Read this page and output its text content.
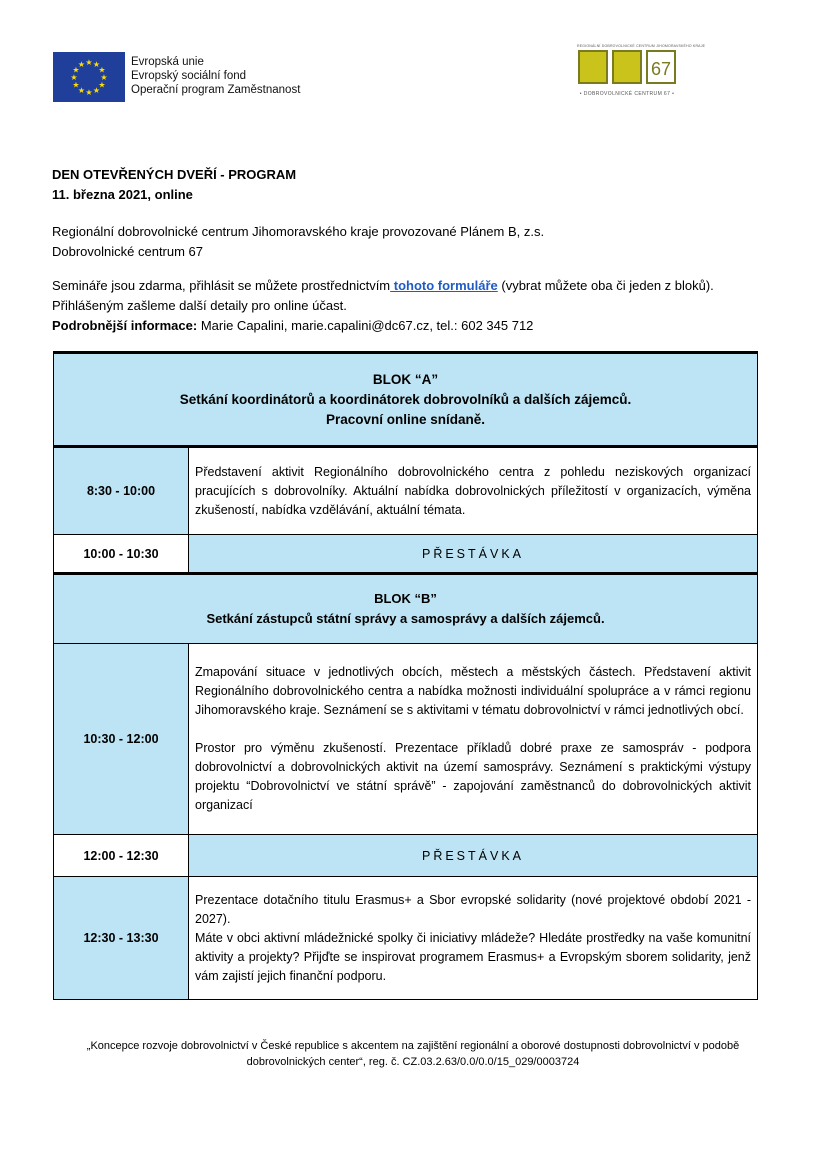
★
★
★
★
★
★
★
★
★ ★ ★
★
Evropská unie
Evropský sociální fond
Operační program Zaměstnanost
REGIONÁLNÍ DOBROVOLNICKÉ CENTRUM JIHOMORAVSKÉHO KRAJE
67
• DOBROVOLNICKÉ CENTRUM 67 •
DEN OTEVŘENÝCH DVEŘÍ - PROGRAM
11. března 2021, online
Regionální dobrovolnické centrum Jihomoravského kraje provozované Plánem B, z.s.
Dobrovolnické centrum 67
Semináře jsou zdarma, přihlásit se můžete prostřednictvím tohoto formuláře (vybrat můžete oba či jeden z bloků).
Přihlášeným zašleme další detaily pro online účast.
Podrobnější informace: Marie Capalini, marie.capalini@dc67.cz, tel.: 602 345 712
BLOK “A”
Setkání koordinátorů a koordinátorek dobrovolníků a dalších zájemců.
Pracovní online snídaně.	

8:30 - 10:00	Představení aktivit Regionálního dobrovolnického centra z pohledu neziskových organizací pracujících s dobrovolníky. Aktuální nabídka dobrovolnických příležitostí v organizacích, výměna zkušeností, nabídka vzdělávání, aktuální témata.

10:00 - 10:30	PŘESTÁVKA

BLOK “B”
Setkání zástupců státní správy a samosprávy a dalších zájemců.	

10:30 - 12:00	Zmapování situace v jednotlivých obcích, městech a městských částech. Představení aktivit Regionálního dobrovolnického centra a nabídka možnosti individuální spolupráce a v rámci regionu Jihomoravského kraje. Seznámení se s aktivitami v tématu dobrovolnictví v rámci jednotlivých obcí.

Prostor pro výměnu zkušeností. Prezentace příkladů dobré praxe ze samospráv - podpora dobrovolnictví a dobrovolnických aktivit na území samosprávy. Seznámení s praktickými výstupy projektu “Dobrovolnictví ve státní správě” - zapojování zaměstnanců do dobrovolnických aktivit organizací

12:00 - 12:30	PŘESTÁVKA
12:30 - 13:30	Prezentace dotačního titulu Erasmus+ a Sbor evropské solidarity (nové projektové období 2021 - 2027).

Máte v obci aktivní mládežnické spolky či iniciativy mládeže? Hledáte prostředky na vaše komunitní aktivity a projekty? Přijďte se inspirovat programem Erasmus+ a Evropským sborem solidarity, jenž vám zajistí jejich finanční podporu.

„Koncepce rozvoje dobrovolnictví v České republice s akcentem na zajištění regionální a oborové dostupnosti dobrovolnictví v podobě dobrovolnických center“, reg. č. CZ.03.2.63/0.0/0.0/15_029/0003724
